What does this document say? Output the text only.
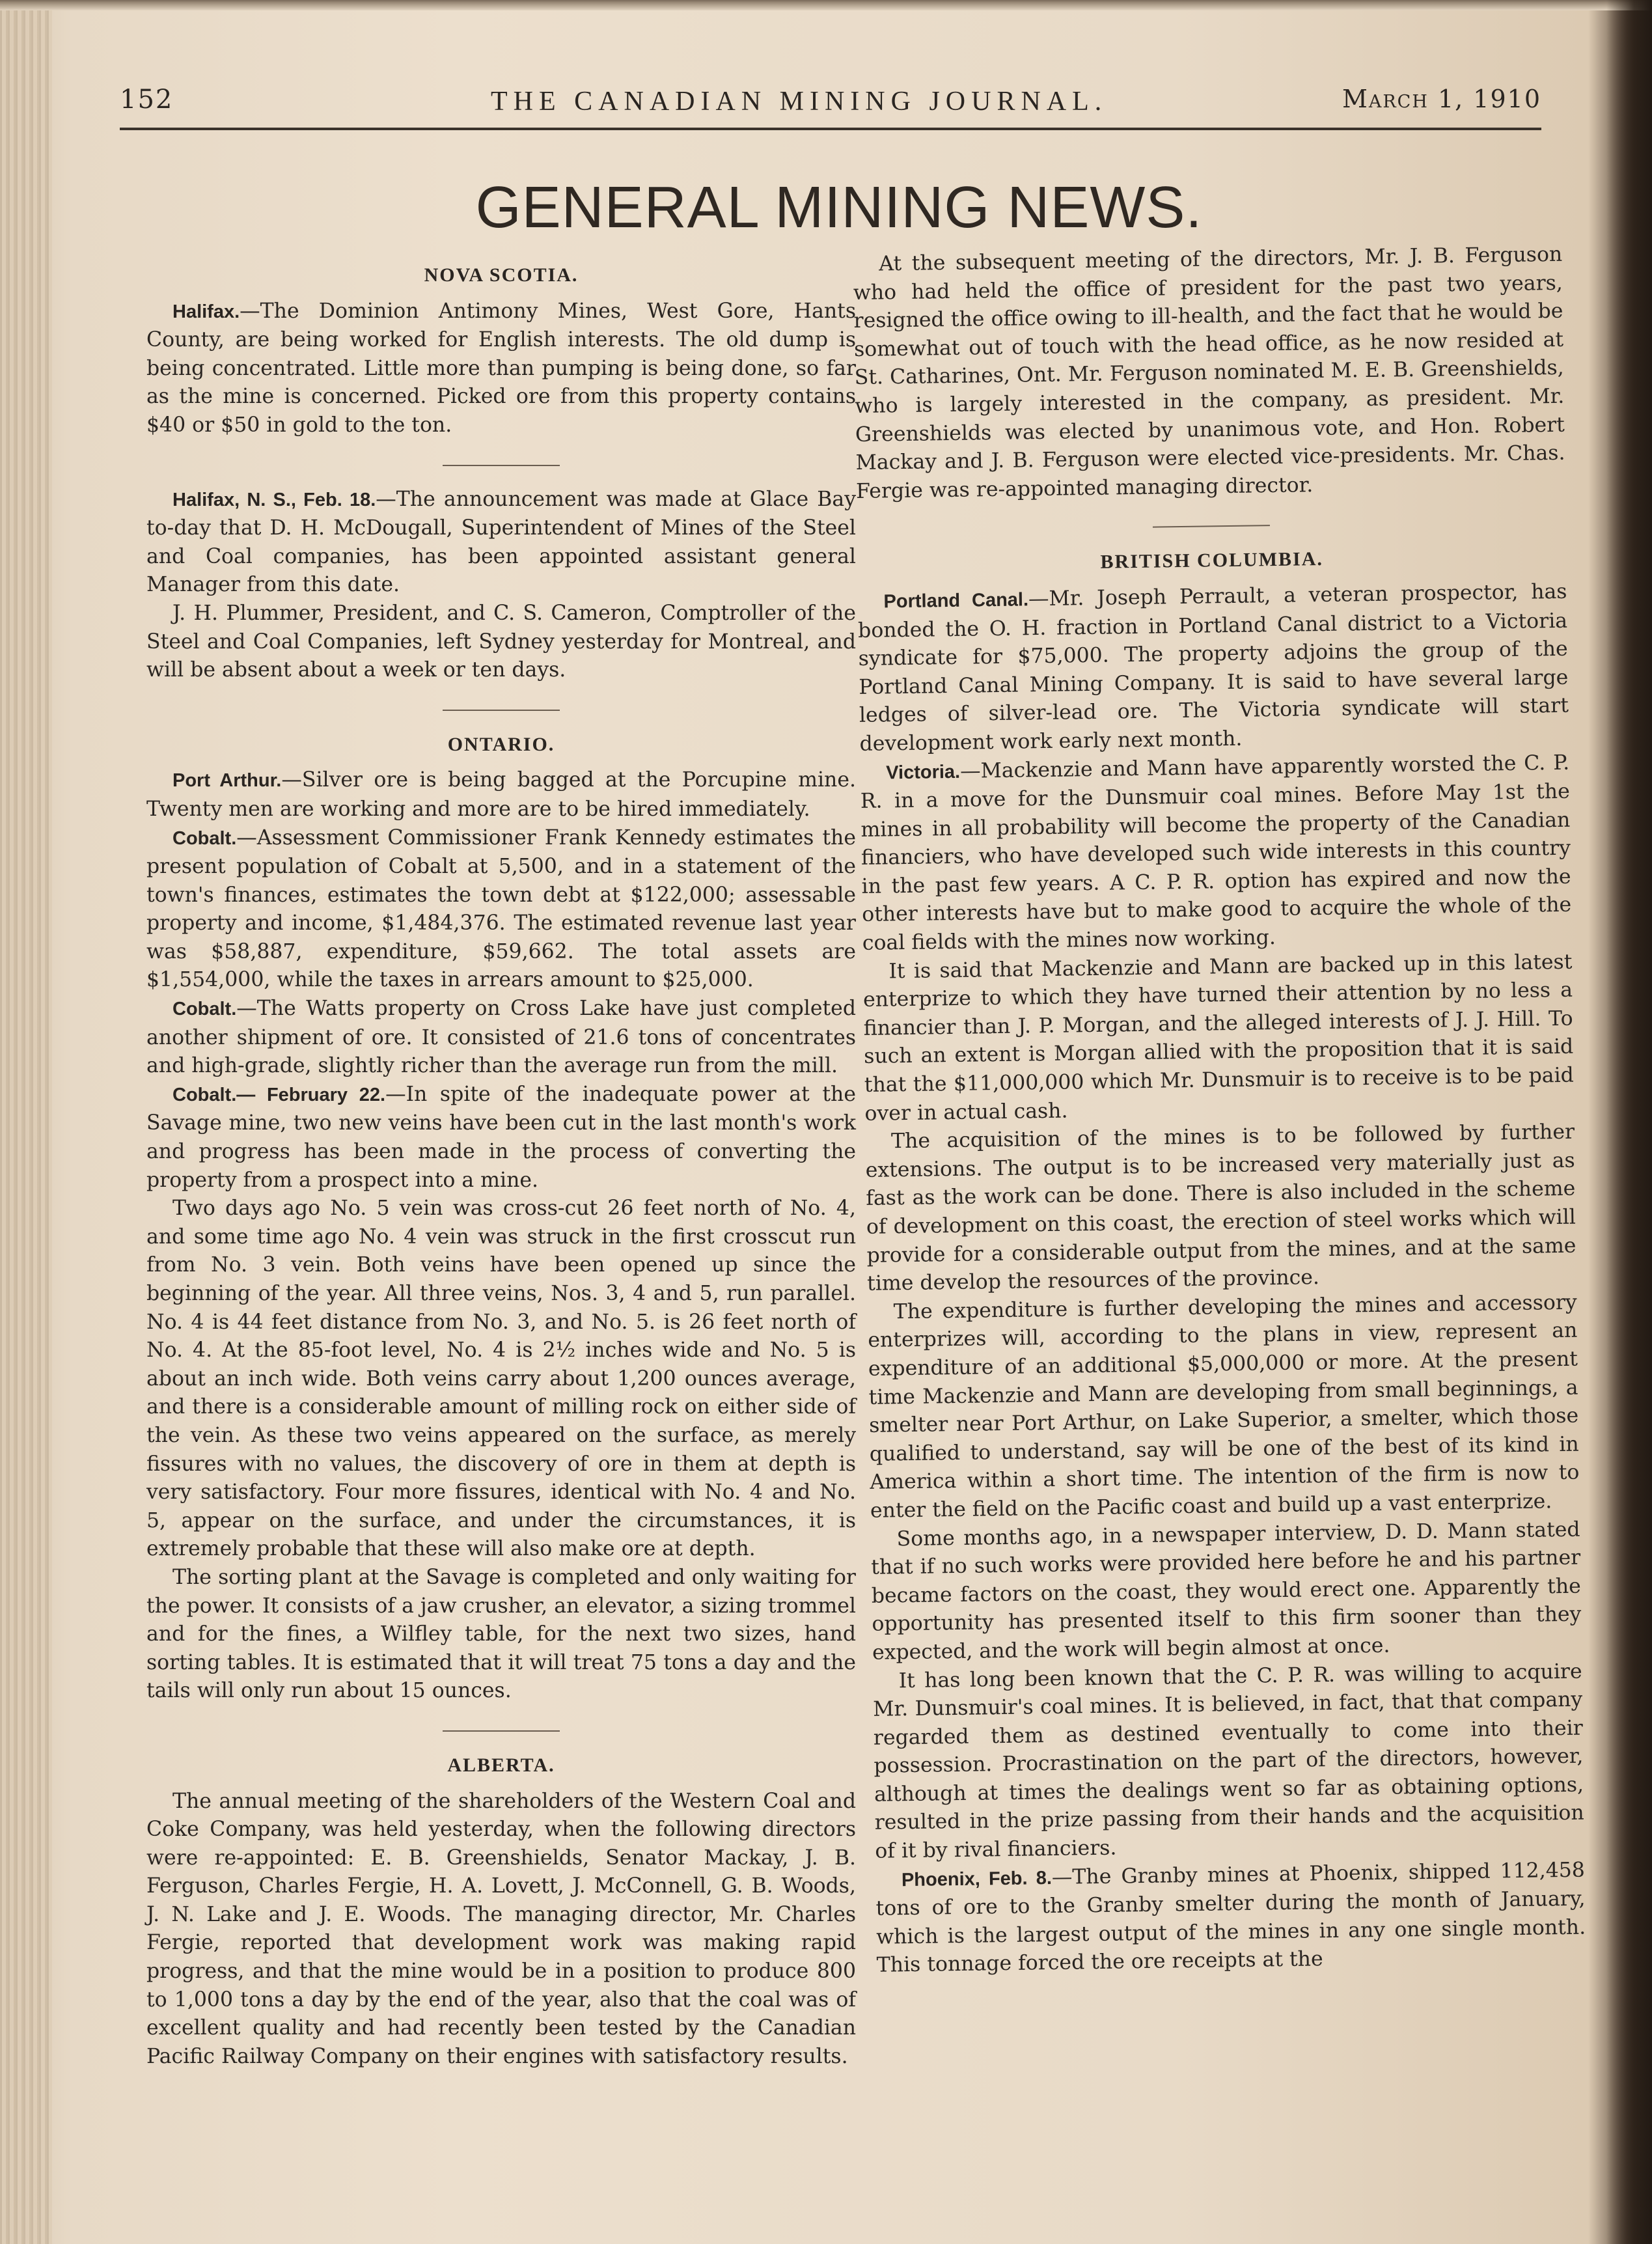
152	THE CANADIAN MINING JOURNAL.	March 1, 1910
GENERAL MINING NEWS.
NOVA SCOTIA.

Halifax.—The Dominion Antimony Mines, West Gore, Hants County, are being worked for English interests. The old dump is being concentrated. Little more than pumping is being done, so far as the mine is concerned. Picked ore from this property contains $40 or $50 in gold to the ton.

Halifax, N. S., Feb. 18.—The announcement was made at Glace Bay to-day that D. H. McDougall, Superintendent of Mines of the Steel and Coal companies, has been appointed assistant general Manager from this date.

J. H. Plummer, President, and C. S. Cameron, Comptroller of the Steel and Coal Companies, left Sydney yesterday for Montreal, and will be absent about a week or ten days.

ONTARIO.

Port Arthur.—Silver ore is being bagged at the Porcupine mine. Twenty men are working and more are to be hired immediately.

Cobalt.—Assessment Commissioner Frank Kennedy estimates the present population of Cobalt at 5,500, and in a statement of the town's finances, estimates the town debt at $122,000; assessable property and income, $1,484,376. The estimated revenue last year was $58,887, expenditure, $59,662. The total assets are $1,554,000, while the taxes in arrears amount to $25,000.

Cobalt.—The Watts property on Cross Lake have just completed another shipment of ore. It consisted of 21.6 tons of concentrates and high-grade, slightly richer than the average run from the mill.

Cobalt.— February 22.—In spite of the inadequate power at the Savage mine, two new veins have been cut in the last month's work and progress has been made in the process of converting the property from a prospect into a mine.

Two days ago No. 5 vein was cross-cut 26 feet north of No. 4, and some time ago No. 4 vein was struck in the first crosscut run from No. 3 vein. Both veins have been opened up since the beginning of the year. All three veins, Nos. 3, 4 and 5, run parallel. No. 4 is 44 feet distance from No. 3, and No. 5. is 26 feet north of No. 4. At the 85-foot level, No. 4 is 2½ inches wide and No. 5 is about an inch wide. Both veins carry about 1,200 ounces average, and there is a considerable amount of milling rock on either side of the vein. As these two veins appeared on the surface, as merely fissures with no values, the discovery of ore in them at depth is very satisfactory. Four more fissures, identical with No. 4 and No. 5, appear on the surface, and under the circumstances, it is extremely probable that these will also make ore at depth.

The sorting plant at the Savage is completed and only waiting for the power. It consists of a jaw crusher, an elevator, a sizing trommel and for the fines, a Wilfley table, for the next two sizes, hand sorting tables. It is estimated that it will treat 75 tons a day and the tails will only run about 15 ounces.

ALBERTA.

The annual meeting of the shareholders of the Western Coal and Coke Company, was held yesterday, when the following directors were re-appointed: E. B. Greenshields, Senator Mackay, J. B. Ferguson, Charles Fergie, H. A. Lovett, J. McConnell, G. B. Woods, J. N. Lake and J. E. Woods. The managing director, Mr. Charles Fergie, reported that development work was making rapid progress, and that the mine would be in a position to produce 800 to 1,000 tons a day by the end of the year, also that the coal was of excellent quality and had recently been tested by the Canadian Pacific Railway Company on their engines with satisfactory results.

At the subsequent meeting of the directors, Mr. J. B. Ferguson who had held the office of president for the past two years, resigned the office owing to ill-health, and the fact that he would be somewhat out of touch with the head office, as he now resided at St. Catharines, Ont. Mr. Ferguson nominated M. E. B. Greenshields, who is largely interested in the company, as president. Mr. Greenshields was elected by unanimous vote, and Hon. Robert Mackay and J. B. Ferguson were elected vice-presidents. Mr. Chas. Fergie was re-appointed managing director.

BRITISH COLUMBIA.

Portland Canal.—Mr. Joseph Perrault, a veteran prospector, has bonded the O. H. fraction in Portland Canal district to a Victoria syndicate for $75,000. The property adjoins the group of the Portland Canal Mining Company. It is said to have several large ledges of silver-lead ore. The Victoria syndicate will start development work early next month.

Victoria.—Mackenzie and Mann have apparently worsted the C. P. R. in a move for the Dunsmuir coal mines. Before May 1st the mines in all probability will become the property of the Canadian financiers, who have developed such wide interests in this country in the past few years. A C. P. R. option has expired and now the other interests have but to make good to acquire the whole of the coal fields with the mines now working.

It is said that Mackenzie and Mann are backed up in this latest enterprize to which they have turned their attention by no less a financier than J. P. Morgan, and the alleged interests of J. J. Hill. To such an extent is Morgan allied with the proposition that it is said that the $11,000,000 which Mr. Dunsmuir is to receive is to be paid over in actual cash.

The acquisition of the mines is to be followed by further extensions. The output is to be increased very materially just as fast as the work can be done. There is also included in the scheme of development on this coast, the erection of steel works which will provide for a considerable output from the mines, and at the same time develop the resources of the province.

The expenditure is further developing the mines and accessory enterprizes will, according to the plans in view, represent an expenditure of an additional $5,000,000 or more. At the present time Mackenzie and Mann are developing from small beginnings, a smelter near Port Arthur, on Lake Superior, a smelter, which those qualified to understand, say will be one of the best of its kind in America within a short time. The intention of the firm is now to enter the field on the Pacific coast and build up a vast enterprize.

Some months ago, in a newspaper interview, D. D. Mann stated that if no such works were provided here before he and his partner became factors on the coast, they would erect one. Apparently the opportunity has presented itself to this firm sooner than they expected, and the work will begin almost at once.

It has long been known that the C. P. R. was willing to acquire Mr. Dunsmuir's coal mines. It is believed, in fact, that that company regarded them as destined eventually to come into their possession. Procrastination on the part of the directors, however, although at times the dealings went so far as obtaining options, resulted in the prize passing from their hands and the acquisition of it by rival financiers.

Phoenix, Feb. 8.—The Granby mines at Phoenix, shipped 112,458 tons of ore to the Granby smelter during the month of January, which is the largest output of the mines in any one single month. This tonnage forced the ore receipts at the
